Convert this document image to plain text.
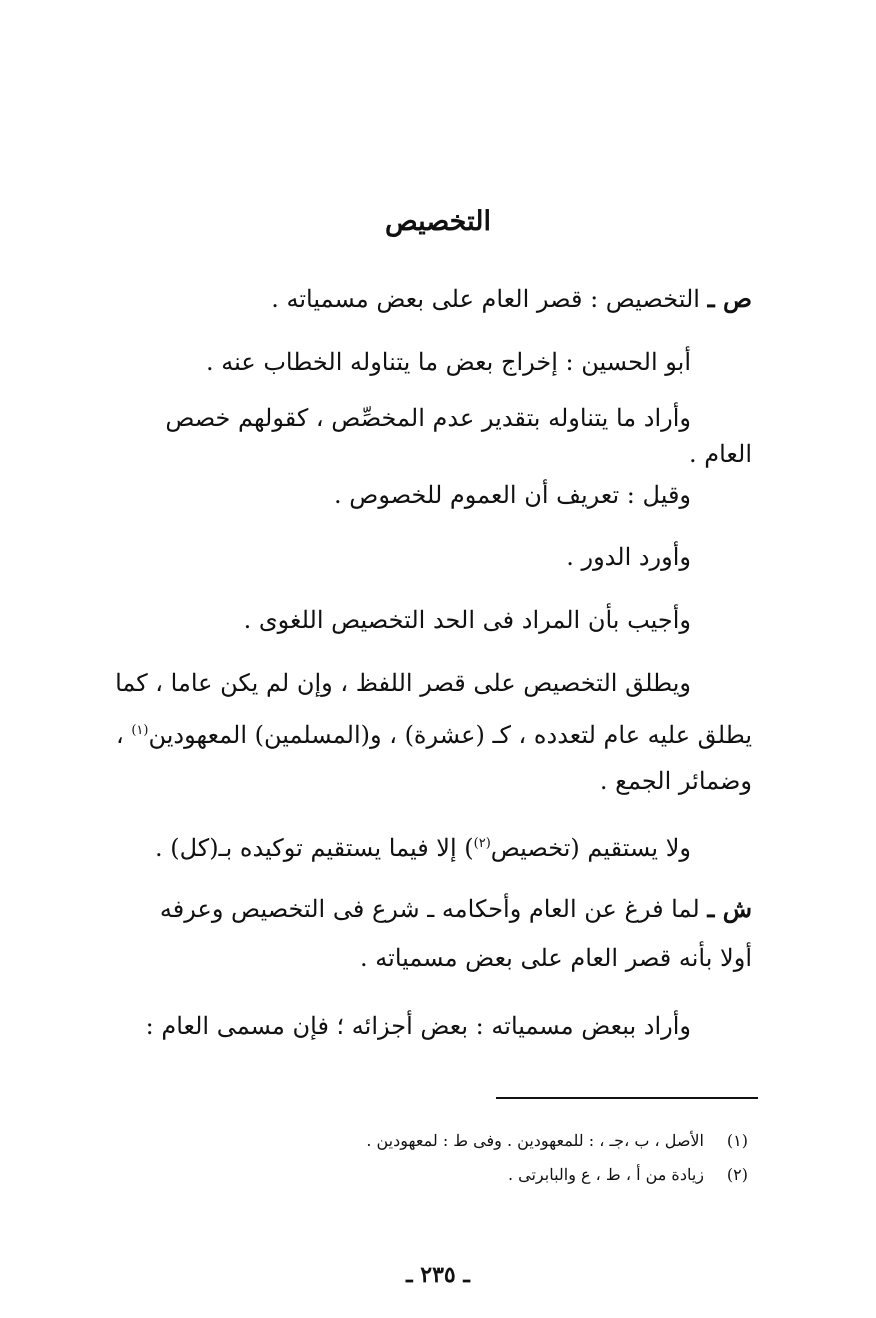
التخصيص
ص ـ التخصيص : قصر العام على بعض مسمياته .
أبو الحسين : إخراج بعض ما يتناوله الخطاب عنه .
وأراد ما يتناوله بتقدير عدم المخصِّص ، كقولهم خصص
العام .
وقيل : تعريف أن العموم للخصوص .
وأورد الدور .
وأجيب بأن المراد فى الحد التخصيص اللغوى .
ويطلق التخصيص على قصر اللفظ ، وإن لم يكن عاما ، كما
يطلق عليه عام لتعدده ، كـ (عشرة) ، و(المسلمين) المعهودين$^{(١)}$ ،
وضمائر الجمع .
ولا يستقيم (تخصيص$^{(٢)}$) إلا فيما يستقيم توكيده بـ(كل) .
ش ـ لما فرغ عن العام وأحكامه ـ شرع فى التخصيص وعرفه
أولا بأنه قصر العام على بعض مسمياته .
وأراد ببعض مسمياته : بعض أجزائه ؛ فإن مسمى العام :
(١)الأصل ، ب ،جـ ، : للمعهودين . وفى ط : لمعهودين .
(٢)زيادة من أ ، ط ، ع والبابرتى .
ـ ٢٣٥ ـ
